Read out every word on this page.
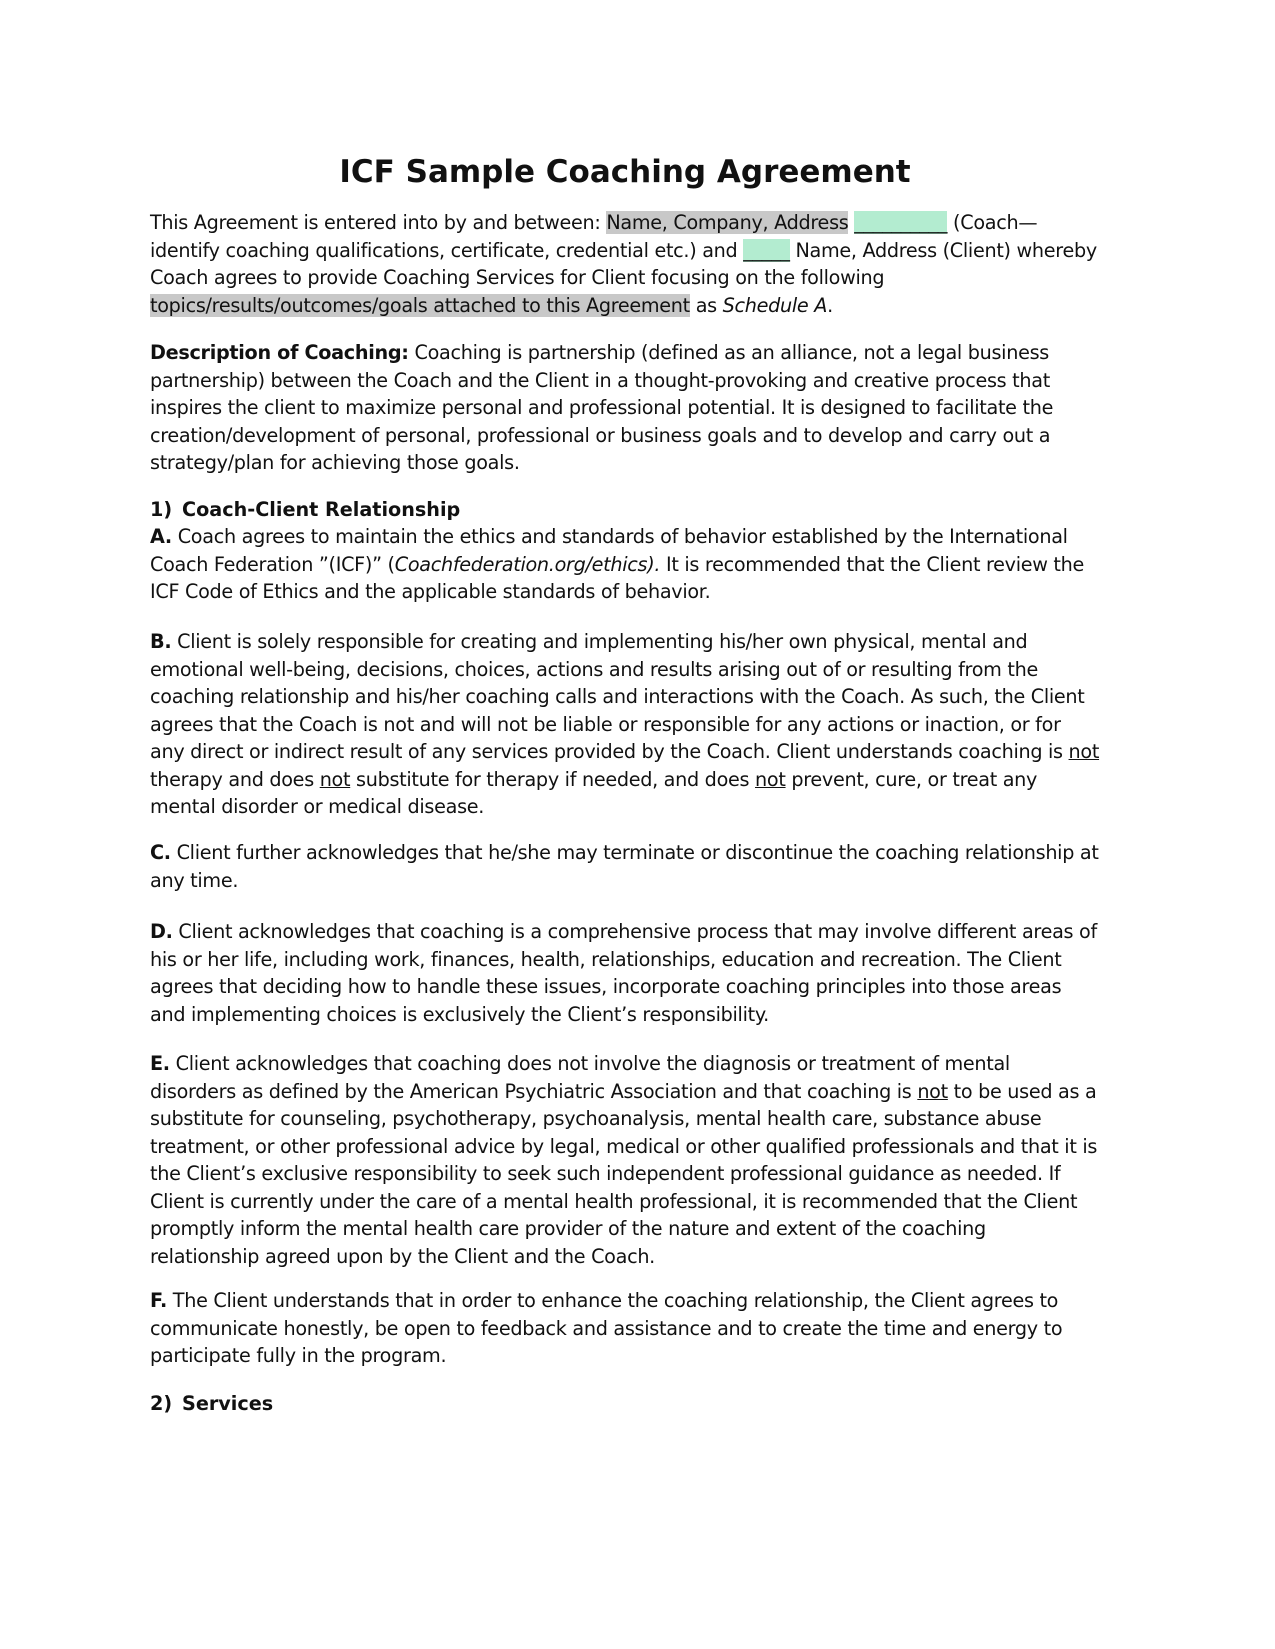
ICF Sample Coaching Agreement

This Agreement is entered into by and between: Name, Company, Address __________ (Coach—identify coaching qualifications, certificate, credential etc.) and _____ Name, Address (Client) whereby Coach agrees to provide Coaching Services for Client focusing on the following topics/results/outcomes/goals attached to this Agreement as Schedule A.

Description of Coaching: Coaching is partnership (defined as an alliance, not a legal business partnership) between the Coach and the Client in a thought-provoking and creative process that inspires the client to maximize personal and professional potential. It is designed to facilitate the creation/development of personal, professional or business goals and to develop and carry out a strategy/plan for achieving those goals.

1) Coach-Client Relationship

A. Coach agrees to maintain the ethics and standards of behavior established by the International Coach Federation ”(ICF)” (Coachfederation.org/ethics). It is recommended that the Client review the ICF Code of Ethics and the applicable standards of behavior.

B. Client is solely responsible for creating and implementing his/her own physical, mental and emotional well-being, decisions, choices, actions and results arising out of or resulting from the coaching relationship and his/her coaching calls and interactions with the Coach. As such, the Client agrees that the Coach is not and will not be liable or responsible for any actions or inaction, or for any direct or indirect result of any services provided by the Coach. Client understands coaching is not therapy and does not substitute for therapy if needed, and does not prevent, cure, or treat any mental disorder or medical disease.

C. Client further acknowledges that he/she may terminate or discontinue the coaching relationship at any time.

D. Client acknowledges that coaching is a comprehensive process that may involve different areas of his or her life, including work, finances, health, relationships, education and recreation. The Client agrees that deciding how to handle these issues, incorporate coaching principles into those areas and implementing choices is exclusively the Client’s responsibility.

E. Client acknowledges that coaching does not involve the diagnosis or treatment of mental disorders as defined by the American Psychiatric Association and that coaching is not to be used as a substitute for counseling, psychotherapy, psychoanalysis, mental health care, substance abuse treatment, or other professional advice by legal, medical or other qualified professionals and that it is the Client’s exclusive responsibility to seek such independent professional guidance as needed. If Client is currently under the care of a mental health professional, it is recommended that the Client promptly inform the mental health care provider of the nature and extent of the coaching relationship agreed upon by the Client and the Coach.

F. The Client understands that in order to enhance the coaching relationship, the Client agrees to communicate honestly, be open to feedback and assistance and to create the time and energy to participate fully in the program.

2) Services
